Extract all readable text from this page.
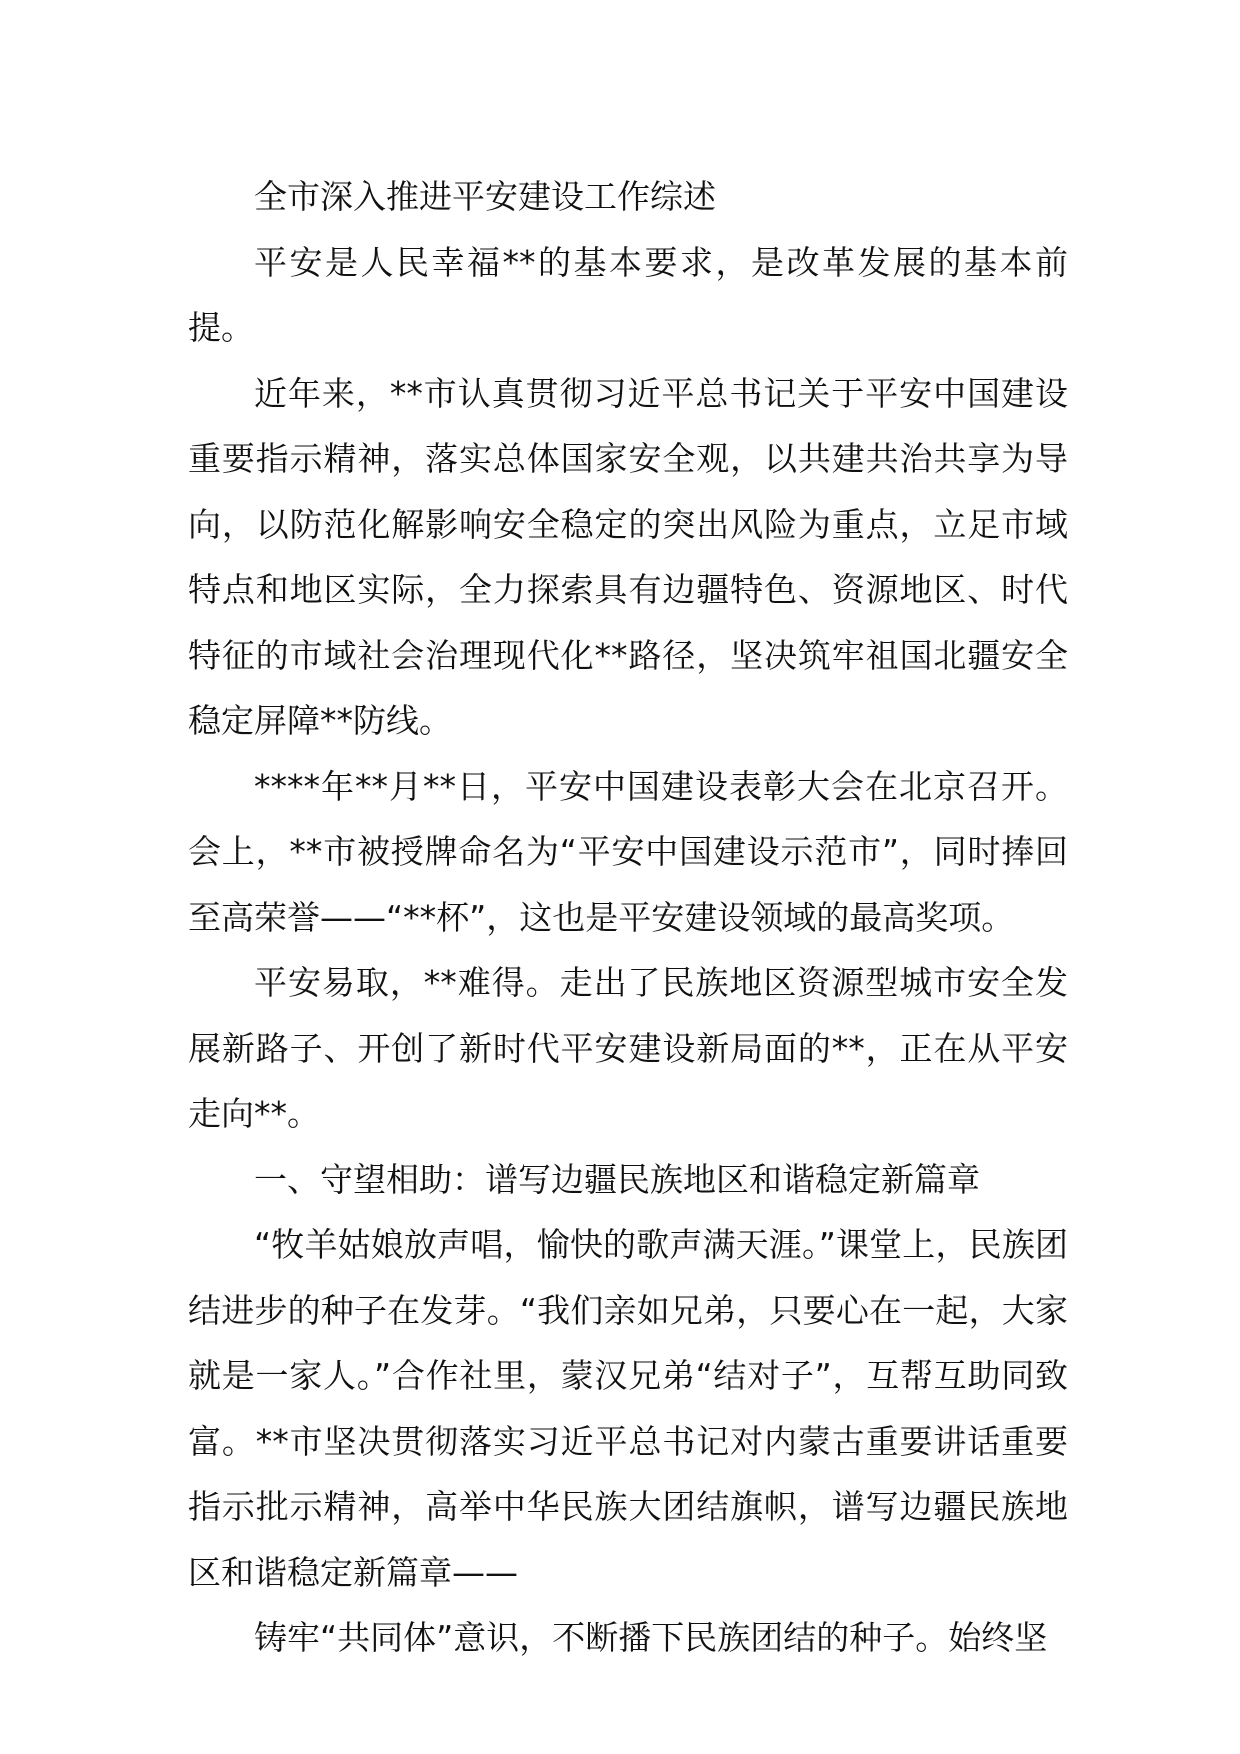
全市深入推进平安建设工作综述

平安是人民幸福**的基本要求，是改革发展的基本前提。

近年来，**市认真贯彻习近平总书记关于平安中国建设重要指示精神，落实总体国家安全观，以共建共治共享为导向，以防范化解影响安全稳定的突出风险为重点，立足市域特点和地区实际，全力探索具有边疆特色、资源地区、时代特征的市域社会治理现代化**路径，坚决筑牢祖国北疆安全稳定屏障**防线。

****年**月**日，平安中国建设表彰大会在北京召开。会上，**市被授牌命名为“平安中国建设示范市”，同时捧回至高荣誉——“**杯”，这也是平安建设领域的最高奖项。

平安易取，**难得。走出了民族地区资源型城市安全发展新路子、开创了新时代平安建设新局面的**，正在从平安走向**。

一、守望相助：谱写边疆民族地区和谐稳定新篇章

“牧羊姑娘放声唱，愉快的歌声满天涯。”课堂上，民族团结进步的种子在发芽。“我们亲如兄弟，只要心在一起，大家就是一家人。”合作社里，蒙汉兄弟“结对子”，互帮互助同致富。**市坚决贯彻落实习近平总书记对内蒙古重要讲话重要指示批示精神，高举中华民族大团结旗帜，谱写边疆民族地区和谐稳定新篇章——

铸牢“共同体”意识，不断播下民族团结的种子。始终坚
